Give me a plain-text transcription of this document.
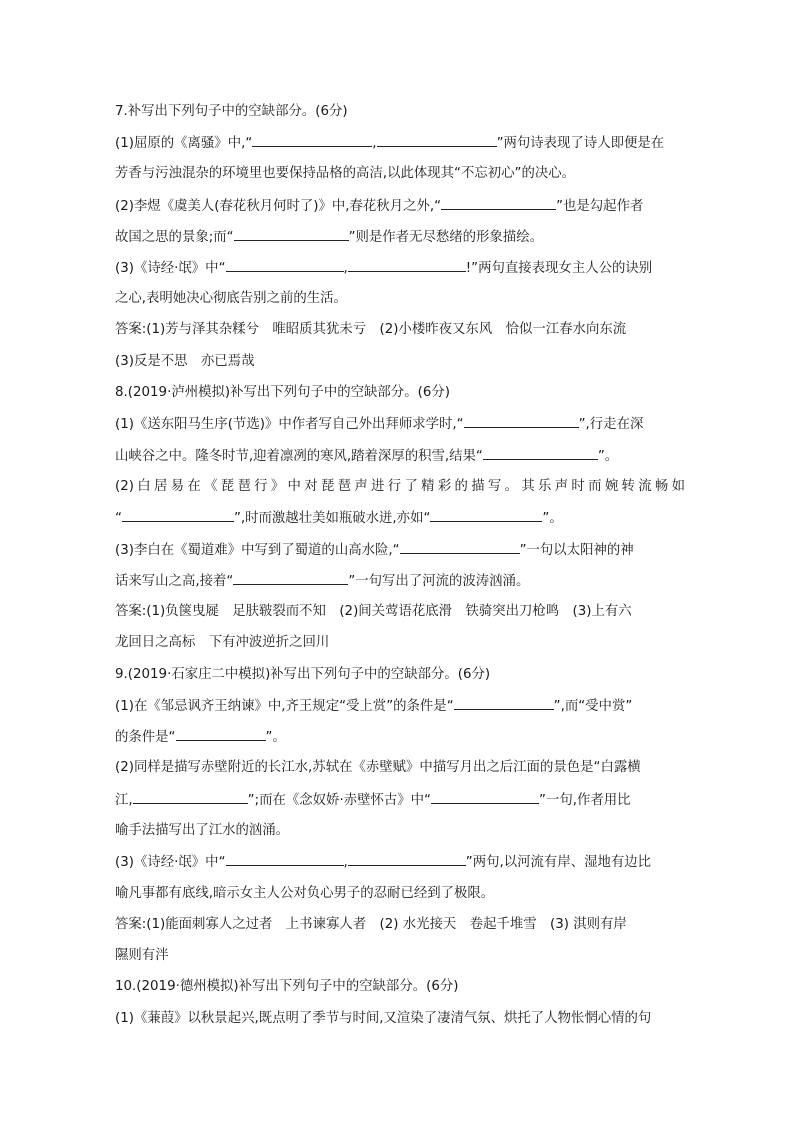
7.补写出下列句子中的空缺部分。(6分)
(1)屈原的《离骚》中,“	,	”两句诗表现了诗人即便是在
芳香与污浊混杂的环境里也要保持品格的高洁,以此体现其“不忘初心”的决心。
(2)李煜《虞美人(春花秋月何时了)》中,春花秋月之外,“	”也是勾起作者
故国之思的景象;而“	”则是作者无尽愁绪的形象描绘。
(3)《诗经·氓》中“	,	!”两句直接表现女主人公的诀别
之心,表明她决心彻底告别之前的生活。
答案:(1)芳与泽其杂糅兮　唯昭质其犹未亏　(2)小楼昨夜又东风　恰似一江春水向东流
(3)反是不思　亦已焉哉
8.(2019·泸州模拟)补写出下列句子中的空缺部分。(6分)
(1)《送东阳马生序(节选)》中作者写自己外出拜师求学时,“	”,行走在深
山峡谷之中。隆冬时节,迎着凛冽的寒风,踏着深厚的积雪,结果“	”。
(2)白居易在《琵琶行》中对琵琶声进行了精彩的描写。其乐声时而婉转流畅如
“	”,时而激越壮美如瓶破水迸,亦如“	”。
(3)李白在《蜀道难》中写到了蜀道的山高水险,“	”一句以太阳神的神
话来写山之高,接着“	”一句写出了河流的波涛汹涌。
答案:(1)负箧曳屣　足肤皲裂而不知　(2)间关莺语花底滑　铁骑突出刀枪鸣　(3)上有六
龙回日之高标　下有冲波逆折之回川
9.(2019·石家庄二中模拟)补写出下列句子中的空缺部分。(6分)
(1)在《邹忌讽齐王纳谏》中,齐王规定“受上赏”的条件是“	”,而“受中赏”
的条件是“	”。
(2)同样是描写赤壁附近的长江水,苏轼在《赤壁赋》中描写月出之后江面的景色是“白露横
江,	”;而在《念奴娇·赤壁怀古》中“	”一句,作者用比
喻手法描写出了江水的汹涌。
(3)《诗经·氓》中“	,	”两句,以河流有岸、湿地有边比
喻凡事都有底线,暗示女主人公对负心男子的忍耐已经到了极限。
答案:(1)能面刺寡人之过者　上书谏寡人者　(2) 水光接天　卷起千堆雪　(3) 淇则有岸
隰则有泮
10.(2019·德州模拟)补写出下列句子中的空缺部分。(6分)
(1)《蒹葭》以秋景起兴,既点明了季节与时间,又渲染了凄清气氛、烘托了人物怅惘心情的句
